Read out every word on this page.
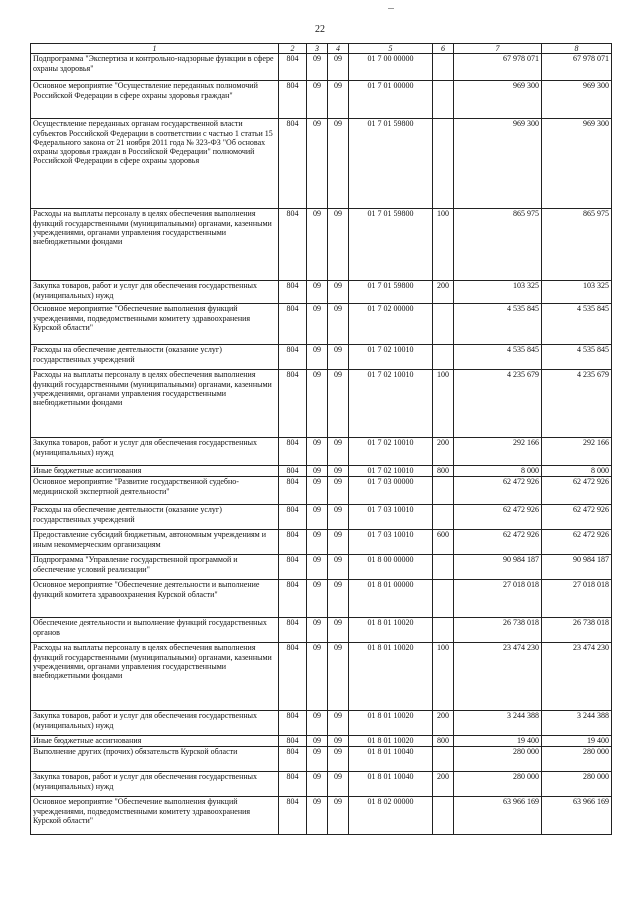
22
1	2	3	4	5	6	7	8
Подпрограмма "Экспертиза и контрольно-надзорные функции в сфере охраны здоровья"	804	09	09	01 7 00 00000		67 978 071	67 978 071
Основное мероприятие "Осуществление переданных полномочий Российской Федерации в сфере охраны здоровья граждан"	804	09	09	01 7 01 00000		969 300	969 300
Осуществление переданных органам государственной власти субъектов Российской Федерации в соответствии с частью 1 статьи 15 Федерального закона от 21 ноября 2011 года № 323-ФЗ "Об основах охраны здоровья граждан в Российской Федерации" полномочий Российской Федерации в сфере охраны здоровья	804	09	09	01 7 01 59800		969 300	969 300
Расходы на выплаты персоналу в целях обеспечения выполнения функций государственными (муниципальными) органами, казенными учреждениями, органами управления государственными внебюджетными фондами	804	09	09	01 7 01 59800	100	865 975	865 975
Закупка товаров, работ и услуг для обеспечения государственных (муниципальных) нужд	804	09	09	01 7 01 59800	200	103 325	103 325
Основное мероприятие "Обеспечение выполнения функций учреждениями, подведомственными комитету здравоохранения Курской области"	804	09	09	01 7 02 00000		4 535 845	4 535 845
Расходы на обеспечение деятельности (оказание услуг) государственных учреждений	804	09	09	01 7 02 10010		4 535 845	4 535 845
Расходы на выплаты персоналу в целях обеспечения выполнения функций государственными (муниципальными) органами, казенными учреждениями, органами управления государственными внебюджетными фондами	804	09	09	01 7 02 10010	100	4 235 679	4 235 679
Закупка товаров, работ и услуг для обеспечения государственных (муниципальных) нужд	804	09	09	01 7 02 10010	200	292 166	292 166
Иные бюджетные ассигнования	804	09	09	01 7 02 10010	800	8 000	8 000
Основное мероприятие "Развитие государственной судебно-медицинской экспертной деятельности"	804	09	09	01 7 03 00000		62 472 926	62 472 926
Расходы на обеспечение деятельности (оказание услуг) государственных учреждений	804	09	09	01 7 03 10010		62 472 926	62 472 926
Предоставление субсидий бюджетным, автономным учреждениям и иным некоммерческим организациям	804	09	09	01 7 03 10010	600	62 472 926	62 472 926
Подпрограмма "Управление государственной программой и обеспечение условий реализации"	804	09	09	01 8 00 00000		90 984 187	90 984 187
Основное мероприятие "Обеспечение деятельности и выполнение функций комитета здравоохранения Курской области"	804	09	09	01 8 01 00000		27 018 018	27 018 018
Обеспечение деятельности и выполнение функций государственных органов	804	09	09	01 8 01 10020		26 738 018	26 738 018
Расходы на выплаты персоналу в целях обеспечения выполнения функций государственными (муниципальными) органами, казенными учреждениями, органами управления государственными внебюджетными фондами	804	09	09	01 8 01 10020	100	23 474 230	23 474 230
Закупка товаров, работ и услуг для обеспечения государственных (муниципальных) нужд	804	09	09	01 8 01 10020	200	3 244 388	3 244 388
Иные бюджетные ассигнования	804	09	09	01 8 01 10020	800	19 400	19 400
Выполнение других (прочих) обязательств Курской области	804	09	09	01 8 01 10040		280 000	280 000
Закупка товаров, работ и услуг для обеспечения государственных (муниципальных) нужд	804	09	09	01 8 01 10040	200	280 000	280 000
Основное мероприятие "Обеспечение выполнения функций учреждениями, подведомственными комитету здравоохранения Курской области"	804	09	09	01 8 02 00000		63 966 169	63 966 169
